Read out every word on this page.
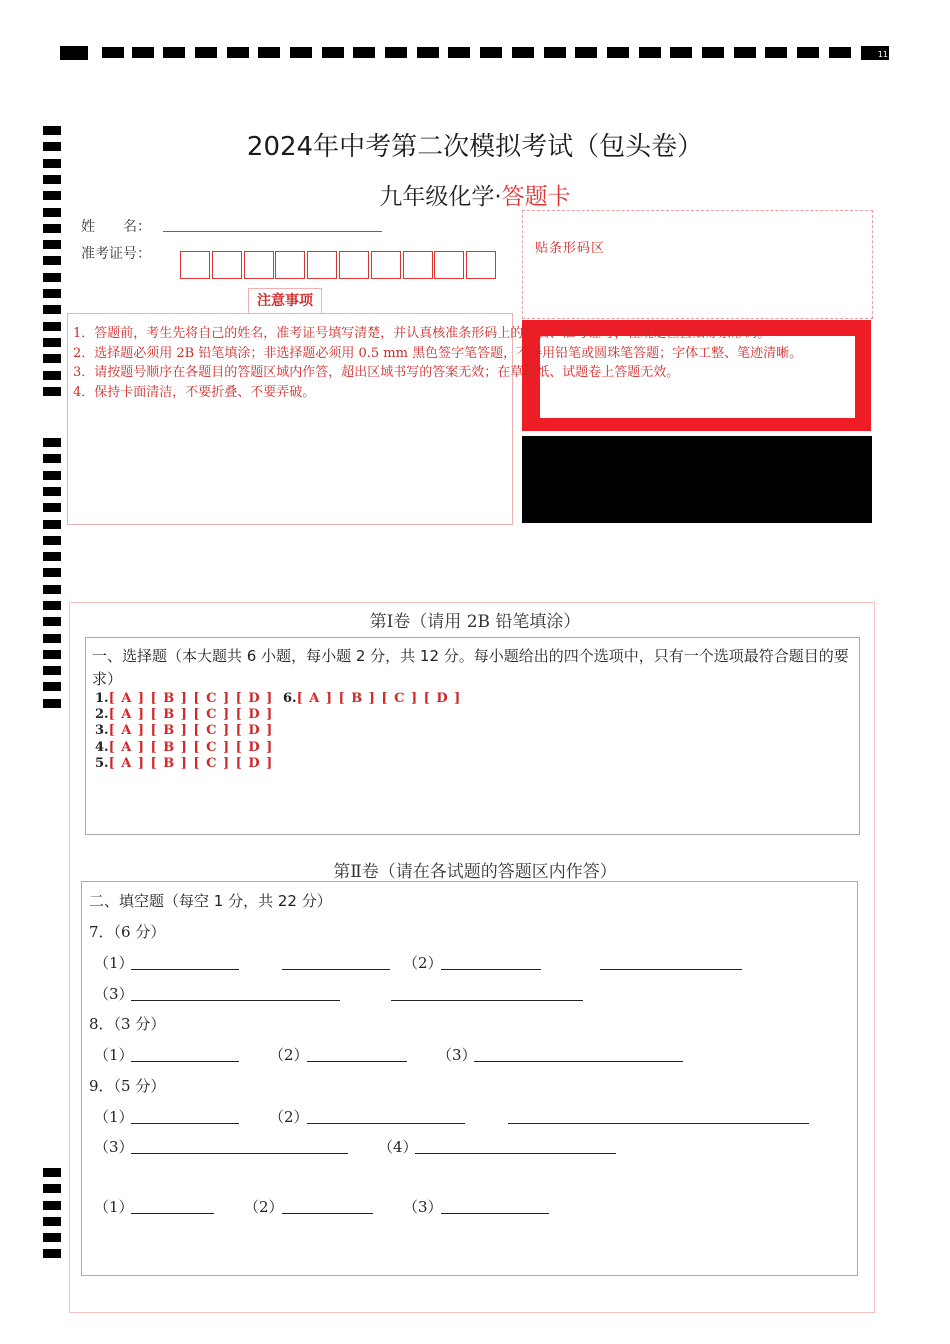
11
2024年中考第二次模拟考试（包头卷）
九年级化学·答题卡
姓　　名：
准考证号：
注意事项
贴条形码区
1．答题前，考生先将自己的姓名，准考证号填写清楚，并认真核准条形码上的姓名、准考证号，在规定位置贴好条形码。
2．选择题必须用 2B 铅笔填涂；非选择题必须用 0.5 mm 黑色签字笔答题，不得用铅笔或圆珠笔答题；字体工整、笔迹清晰。
3．请按题号顺序在各题目的答题区域内作答，超出区域书写的答案无效；在草稿纸、试题卷上答题无效。
4．保持卡面清洁，不要折叠、不要弄破。
第Ⅰ卷（请用 2B 铅笔填涂）
一、选择题（本大题共 6 小题，每小题 2 分，共 12 分。每小题给出的四个选项中，只有一个选项最符合题目的要求）
1.[ A ] [ B ] [ C ] [ D ]
2.[ A ] [ B ] [ C ] [ D ]
3.[ A ] [ B ] [ C ] [ D ]
4.[ A ] [ B ] [ C ] [ D ]
5.[ A ] [ B ] [ C ] [ D ]
6.[ A ] [ B ] [ C ] [ D ]
第Ⅱ卷（请在各试题的答题区内作答）
二、填空题（每空 1 分，共 22 分）
7．（6 分）
（1）	（2）
（3）
8．（3 分）
（1）	（2）	（3）
9．（5 分）
（1）	（2）
（3）	（4）
（1）	（2）	（3）
